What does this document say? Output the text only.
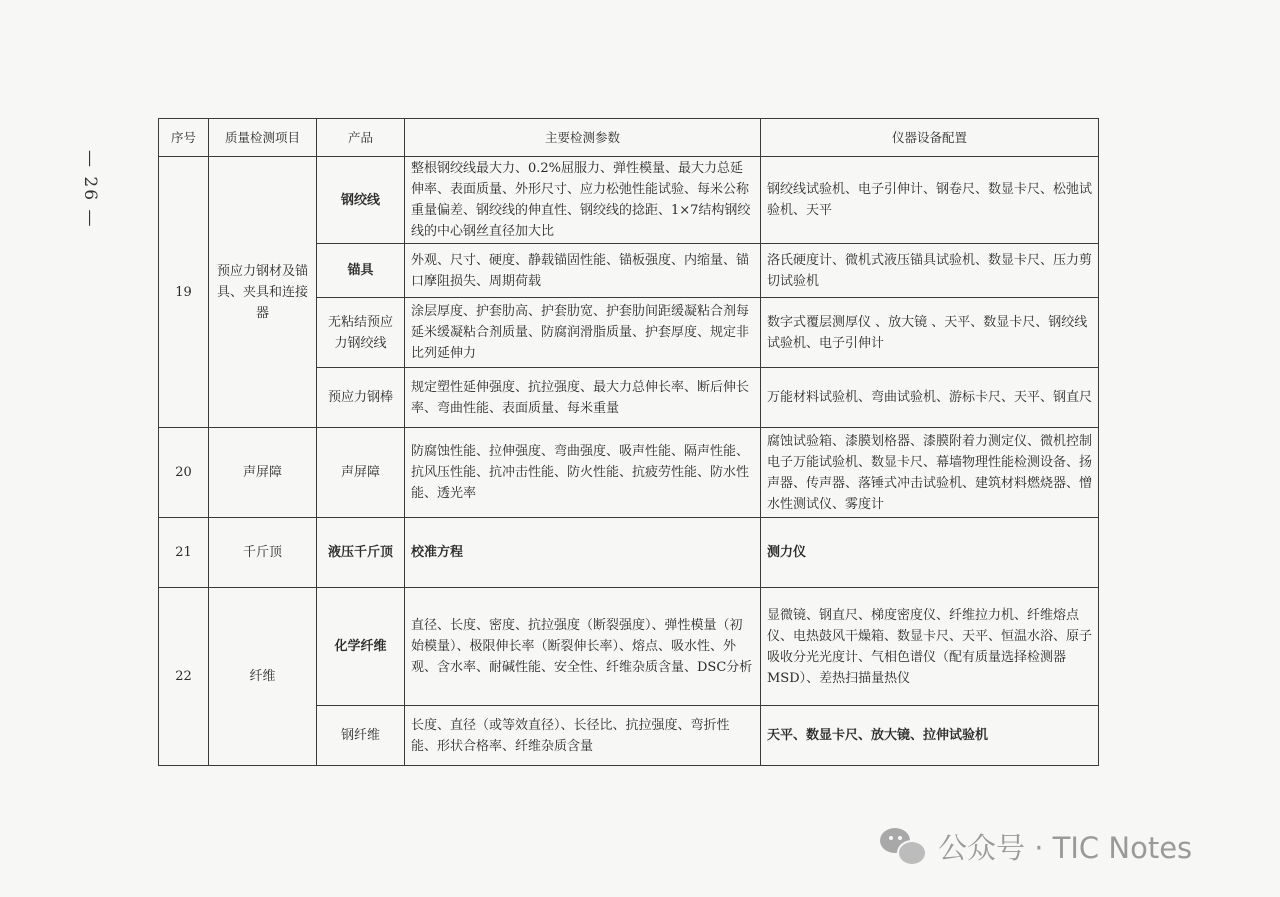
— 26 —
序号	质量检测项目	产品	主要检测参数	仪器设备配置
19	预应力钢材及锚具、夹具和连接器	钢绞线	整根钢绞线最大力、0.2%屈服力、弹性模量、最大力总延伸率、表面质量、外形尺寸、应力松弛性能试验、每米公称重量偏差、钢绞线的伸直性、钢绞线的捻距、1×7结构钢绞线的中心钢丝直径加大比	钢绞线试验机、电子引伸计、钢卷尺、数显卡尺、松弛试验机、天平
		锚具	外观、尺寸、硬度、静载锚固性能、锚板强度、内缩量、锚口摩阻损失、周期荷载	洛氏硬度计、微机式液压锚具试验机、数显卡尺、压力剪切试验机
		无粘结预应力钢绞线	涂层厚度、护套肋高、护套肋宽、护套肋间距缓凝粘合剂每延米缓凝粘合剂质量、防腐润滑脂质量、护套厚度、规定非比列延伸力	数字式覆层测厚仪 、放大镜 、天平、数显卡尺、钢绞线试验机、电子引伸计
		预应力钢棒	规定塑性延伸强度、抗拉强度、最大力总伸长率、断后伸长率、弯曲性能、表面质量、每米重量	万能材料试验机、弯曲试验机、游标卡尺、天平、钢直尺
20	声屏障	声屏障	防腐蚀性能、拉伸强度、弯曲强度、吸声性能、隔声性能、抗风压性能、抗冲击性能、防火性能、抗疲劳性能、防水性能、透光率	腐蚀试验箱、漆膜划格器、漆膜附着力测定仪、微机控制电子万能试验机、数显卡尺、幕墙物理性能检测设备、扬声器、传声器、落锤式冲击试验机、建筑材料燃烧器、憎水性测试仪、雾度计
21	千斤顶	液压千斤顶	校准方程	测力仪
22	纤维	化学纤维	直径、长度、密度、抗拉强度（断裂强度）、弹性模量（初始模量）、极限伸长率（断裂伸长率）、熔点、吸水性、外观、含水率、耐碱性能、安全性、纤维杂质含量、DSC分析	显微镜、钢直尺、梯度密度仪、纤维拉力机、纤维熔点仪、电热鼓风干燥箱、数显卡尺、天平、恒温水浴、原子吸收分光光度计、气相色谱仪（配有质量选择检测器MSD）、差热扫描量热仪
		钢纤维	长度、直径（或等效直径）、长径比、抗拉强度、弯折性能、形状合格率、纤维杂质含量	天平、数显卡尺、放大镜、拉伸试验机
公众号 · TIC Notes
